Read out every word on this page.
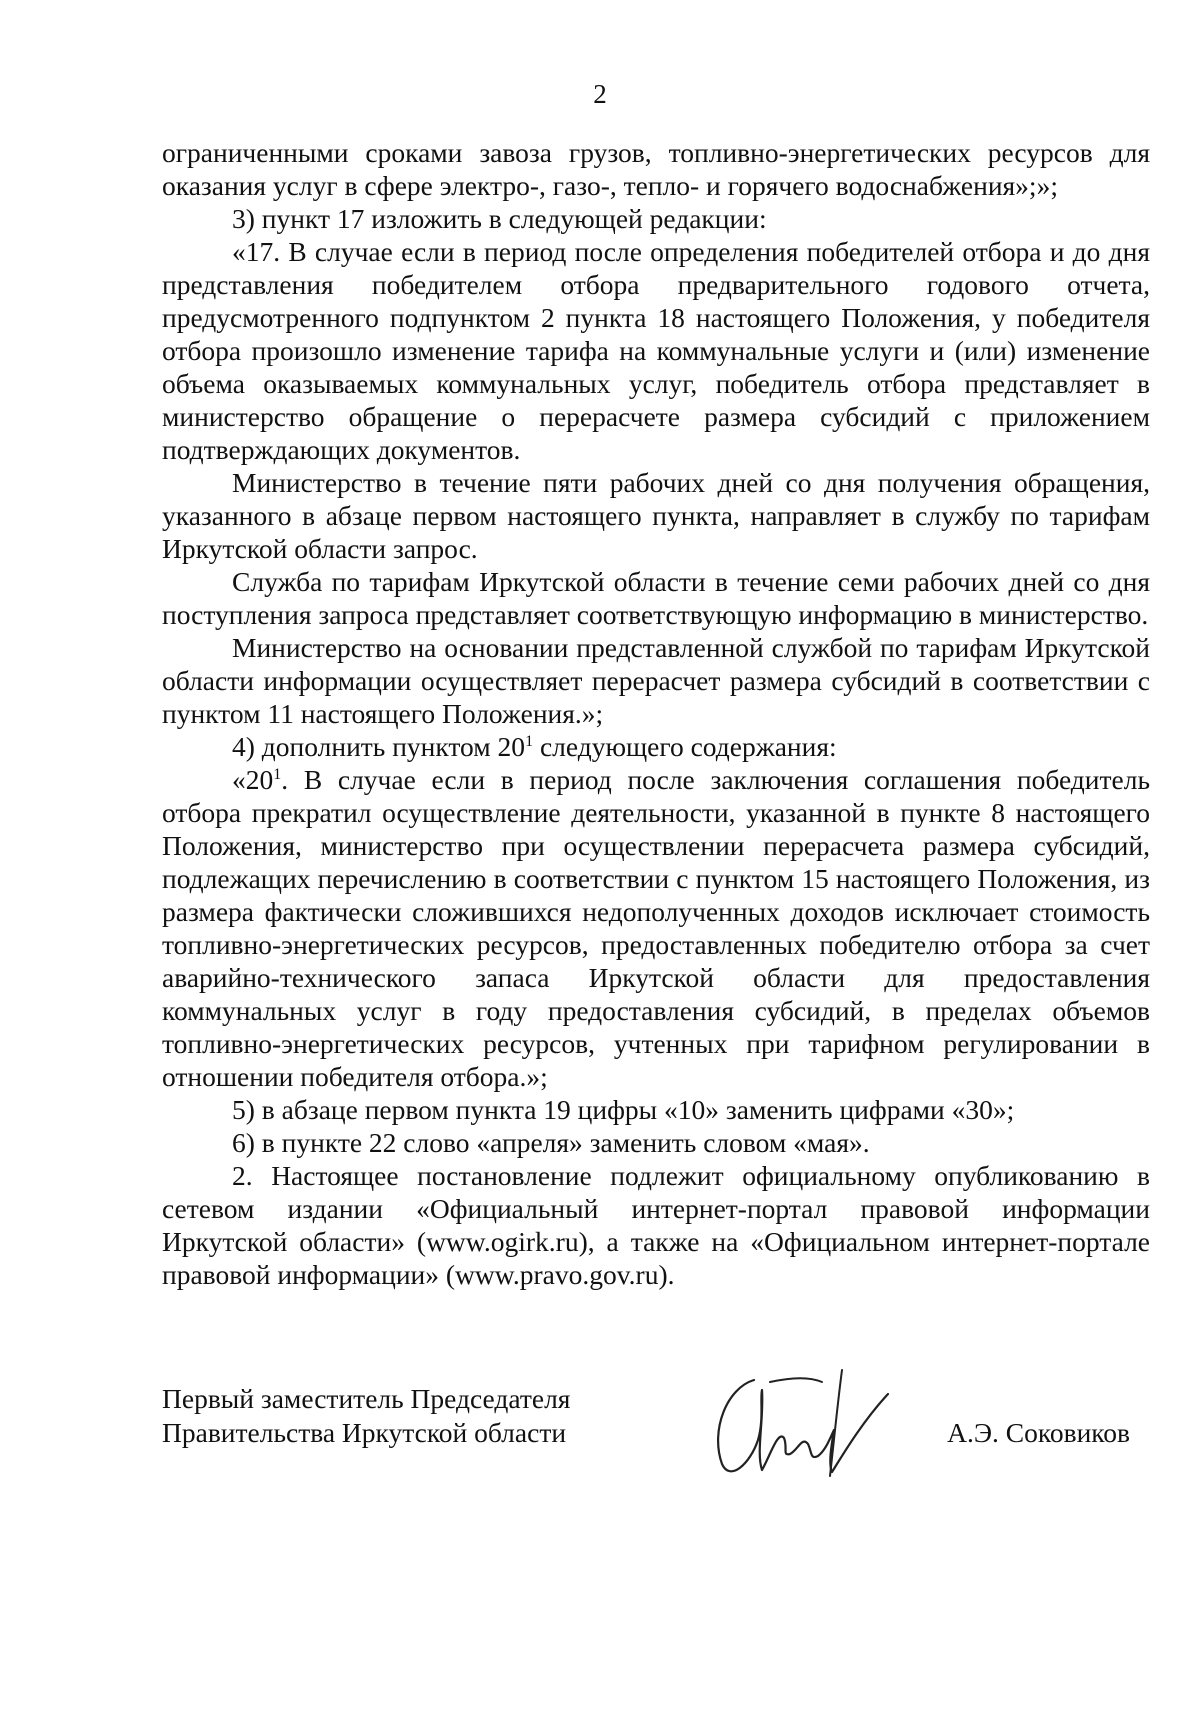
2

ограниченными сроками завоза грузов, топливно-энергетических ресурсов для оказания услуг в сфере электро-, газо-, тепло- и горячего водоснабжения»;»;

3) пункт 17 изложить в следующей редакции:

«17. В случае если в период после определения победителей отбора и до дня представления победителем отбора предварительного годового отчета, предусмотренного подпунктом 2 пункта 18 настоящего Положения, у победителя отбора произошло изменение тарифа на коммунальные услуги и (или) изменение объема оказываемых коммунальных услуг, победитель отбора представляет в министерство обращение о перерасчете размера субсидий с приложением подтверждающих документов.

Министерство в течение пяти рабочих дней со дня получения обращения, указанного в абзаце первом настоящего пункта, направляет в службу по тарифам Иркутской области запрос.

Служба по тарифам Иркутской области в течение семи рабочих дней со дня поступления запроса представляет соответствующую информацию в министерство.

Министерство на основании представленной службой по тарифам Иркутской области информации осуществляет перерасчет размера субсидий в соответствии с пунктом 11 настоящего Положения.»;

4) дополнить пунктом $20^1$ следующего содержания:

«$20^1$. В случае если в период после заключения соглашения победитель отбора прекратил осуществление деятельности, указанной в пункте 8 настоящего Положения, министерство при осуществлении перерасчета размера субсидий, подлежащих перечислению в соответствии с пунктом 15 настоящего Положения, из размера фактически сложившихся недополученных доходов исключает стоимость топливно-энергетических ресурсов, предоставленных победителю отбора за счет аварийно-технического запаса Иркутской области для предоставления коммунальных услуг в году предоставления субсидий, в пределах объемов топливно-энергетических ресурсов, учтенных при тарифном регулировании в отношении победителя отбора.»;

5) в абзаце первом пункта 19 цифры «10» заменить цифрами «30»;

6) в пункте 22 слово «апреля» заменить словом «мая».

2. Настоящее постановление подлежит официальному опубликованию в сетевом издании «Официальный интернет-портал правовой информации Иркутской области» (www.ogirk.ru), а также на «Официальном интернет-портале правовой информации» (www.pravo.gov.ru).

Первый заместитель Председателя
Правительства Иркутской области	А.Э. Соковиков
